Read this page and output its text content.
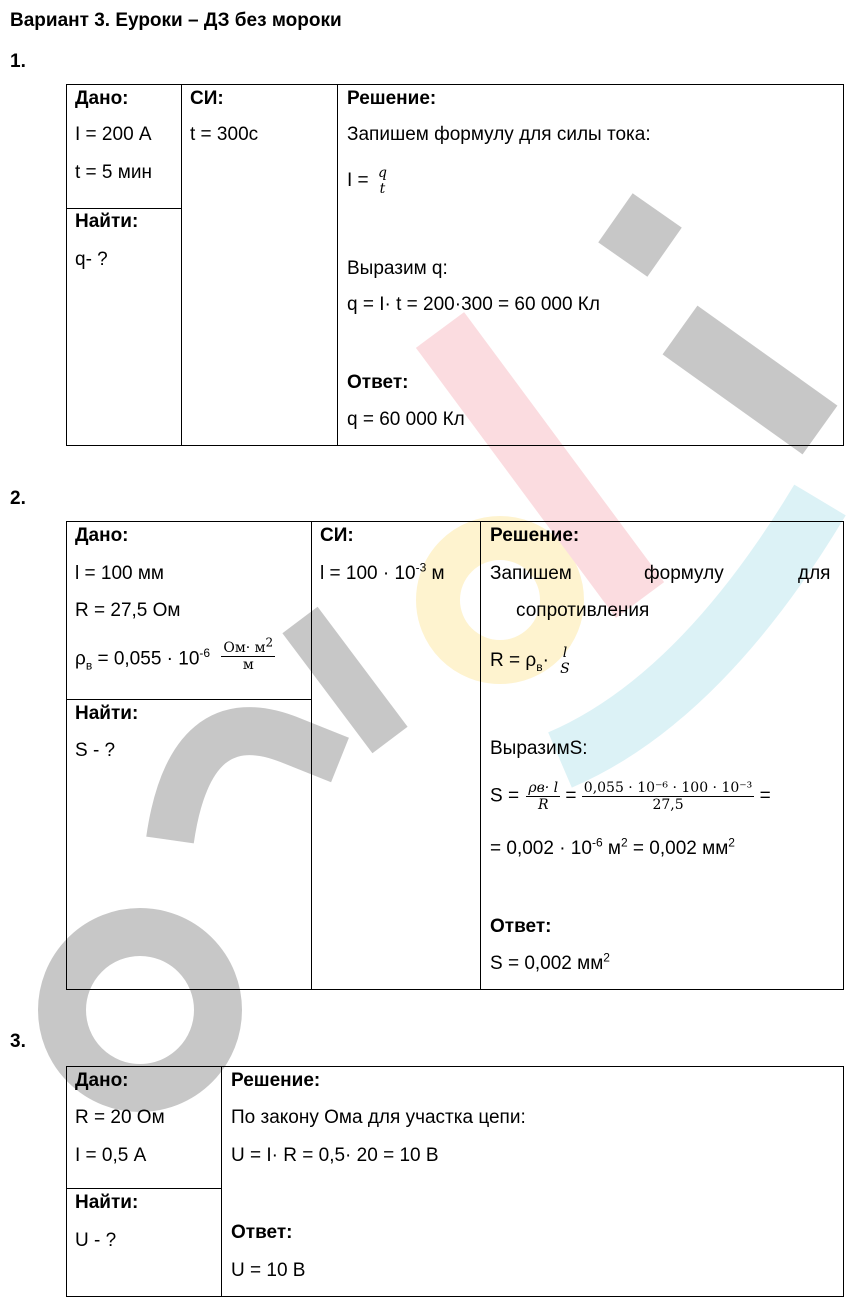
Вариант 3. Еуроки – ДЗ без мороки
1.
Дано:
I = 200 А
t = 5 мин
Найти:
q- ?
СИ:
t = 300с
Решение:
Запишем формулу для силы тока:
I = q
t
Выразим q:
q = I· t = 200·300 = 60 000 Кл
Ответ:
q = 60 000 Кл
2.
Дано:
l = 100 мм
R = 27,5 Ом
$\rho_в = 0,055 \cdot 10^{-6} \frac{Ом\cdot м^2}{м}$
Найти:
S - ?
СИ:
$l = 100 \cdot 10^{-3}$ м
Решение:
Запишем	формулу	для
сопротивления
$R = \rho_в\cdot l$
S
ВыразимS:
$S = \frac{\rho в\cdot l}{R} = \frac{\text{0,055 · 10⁻⁶ · 100 · 10⁻³}}{27,5}$ =
= $0,002 \cdot 10^{-6}$ $м^2 = 0,002$ $мм^2$
Ответ:
S = 0,002 $мм^2$
3.
Дано:
R = 20 Ом
I = 0,5 А
Найти:
U - ?
Решение:
По закону Ома для участка цепи:
U = I· R = 0,5· 20 = 10 В
Ответ:
U = 10 В
